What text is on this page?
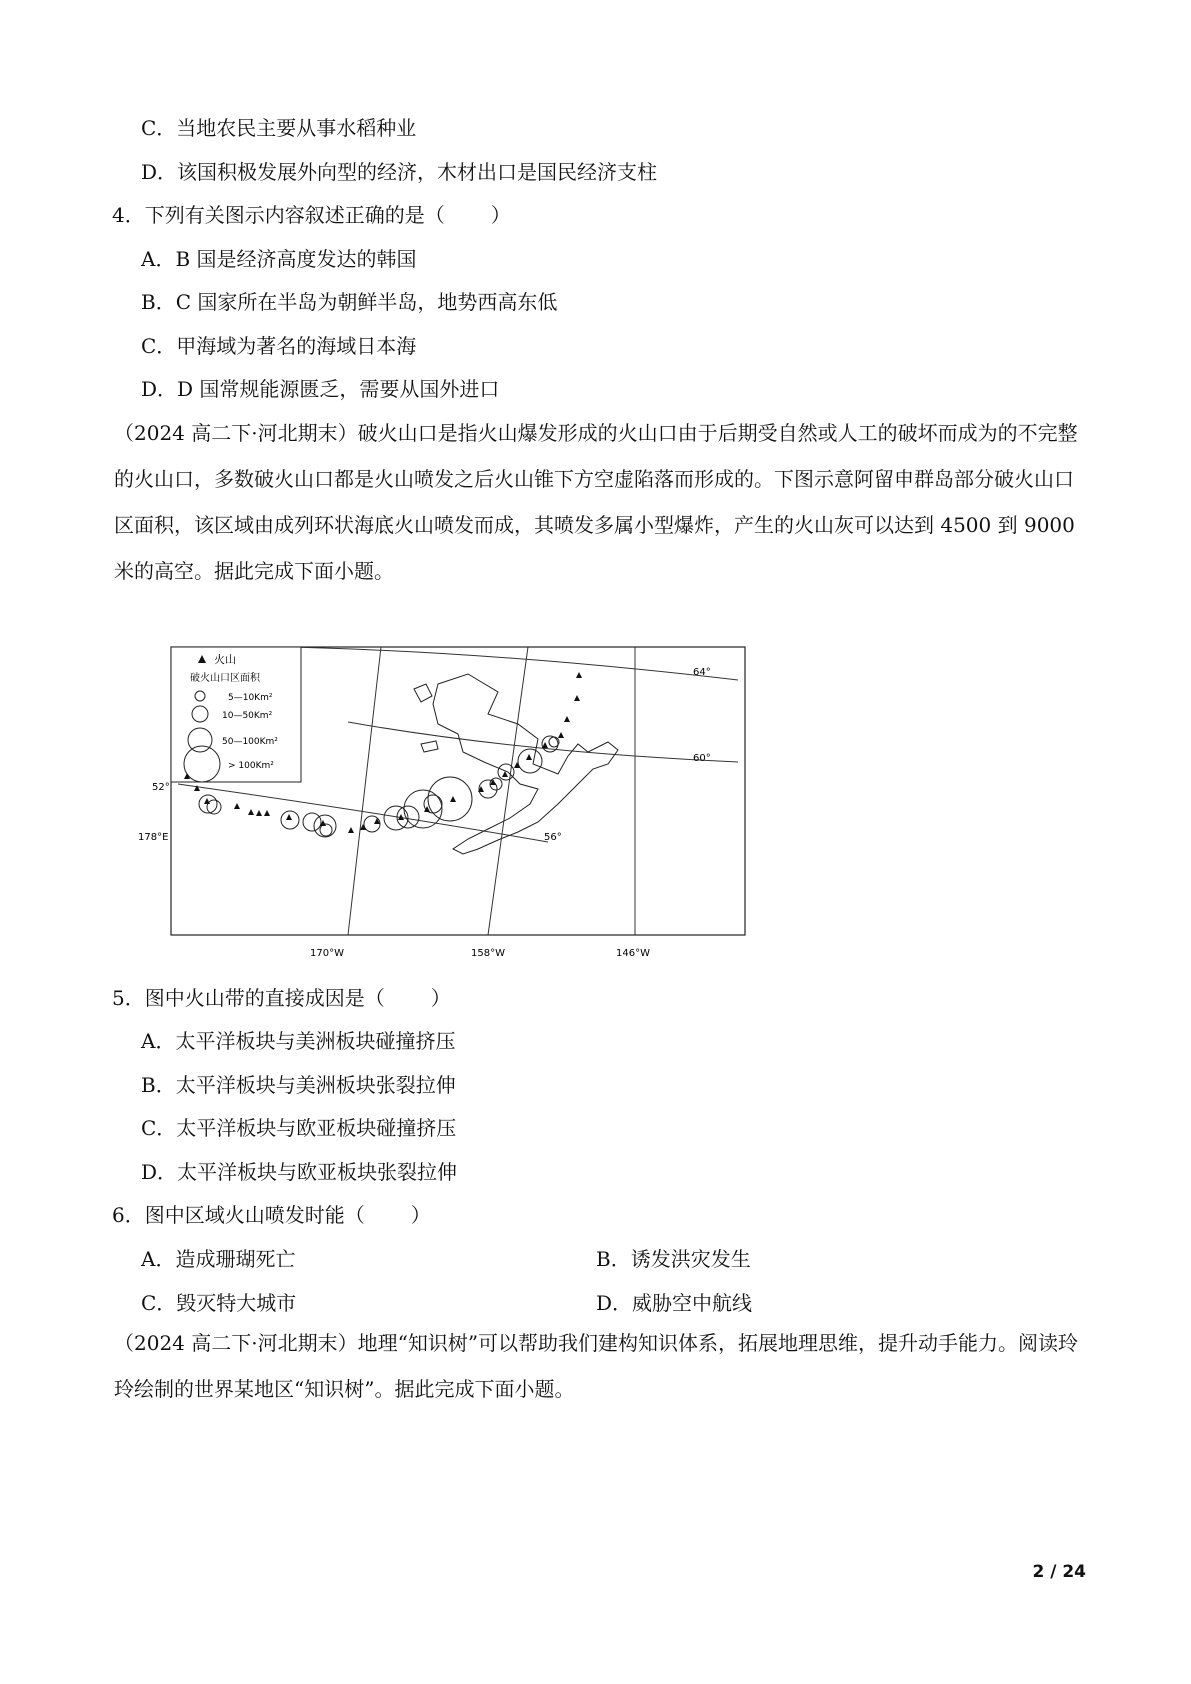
C．当地农民主要从事水稻种业
D．该国积极发展外向型的经济，木材出口是国民经济支柱
4．下列有关图示内容叙述正确的是（ ）
A．B 国是经济高度发达的韩国
B．C 国家所在半岛为朝鲜半岛，地势西高东低
C．甲海域为著名的海域日本海
D．D 国常规能源匮乏，需要从国外进口
（2024 高二下·河北期末）破火山口是指火山爆发形成的火山口由于后期受自然或人工的破坏而成为的不完整的火山口，多数破火山口都是火山喷发之后火山锥下方空虚陷落而形成的。下图示意阿留申群岛部分破火山口区面积，该区域由成列环状海底火山喷发而成，其喷发多属小型爆炸，产生的火山灰可以达到 4500 到 9000 米的高空。据此完成下面小题。
火山
破火山口区面积
5—10Km²
10—50Km²
50—100Km²
> 100Km²
64°
60°
56°
52°
178°E
170°W	158°W	146°W
5．图中火山带的直接成因是（ ）
A．太平洋板块与美洲板块碰撞挤压
B．太平洋板块与美洲板块张裂拉伸
C．太平洋板块与欧亚板块碰撞挤压
D．太平洋板块与欧亚板块张裂拉伸
6．图中区域火山喷发时能（ ）
A．造成珊瑚死亡	B．诱发洪灾发生
C．毁灭特大城市	D．威胁空中航线
（2024 高二下·河北期末）地理“知识树”可以帮助我们建构知识体系，拓展地理思维，提升动手能力。阅读玲玲绘制的世界某地区“知识树”。据此完成下面小题。
2 / 24
